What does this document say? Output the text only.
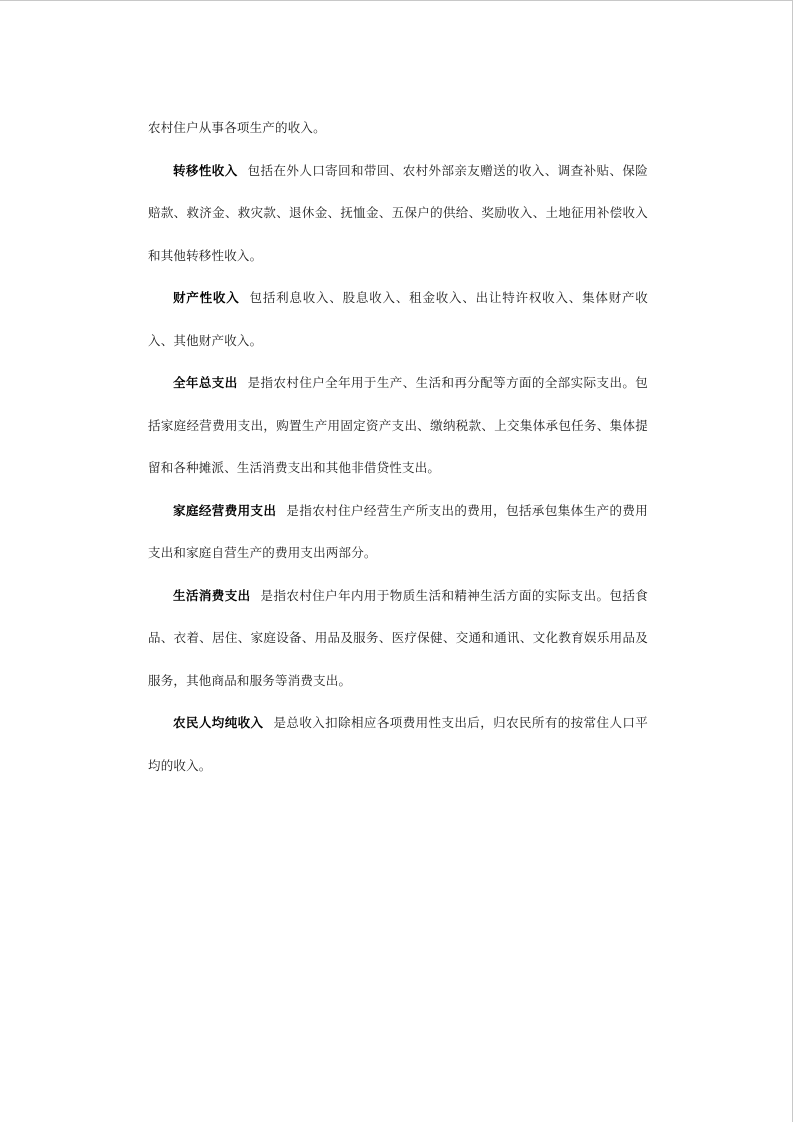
农村住户从事各项生产的收入。

转移性收入 包括在外人口寄回和带回、农村外部亲友赠送的收入、调查补贴、保险赔款、救济金、救灾款、退休金、抚恤金、五保户的供给、奖励收入、土地征用补偿收入和其他转移性收入。

财产性收入 包括利息收入、股息收入、租金收入、出让特许权收入、集体财产收入、其他财产收入。

全年总支出 是指农村住户全年用于生产、生活和再分配等方面的全部实际支出。包括家庭经营费用支出，购置生产用固定资产支出、缴纳税款、上交集体承包任务、集体提留和各种摊派、生活消费支出和其他非借贷性支出。

家庭经营费用支出 是指农村住户经营生产所支出的费用，包括承包集体生产的费用支出和家庭自营生产的费用支出两部分。

生活消费支出 是指农村住户年内用于物质生活和精神生活方面的实际支出。包括食品、衣着、居住、家庭设备、用品及服务、医疗保健、交通和通讯、文化教育娱乐用品及服务，其他商品和服务等消费支出。

农民人均纯收入 是总收入扣除相应各项费用性支出后，归农民所有的按常住人口平均的收入。
